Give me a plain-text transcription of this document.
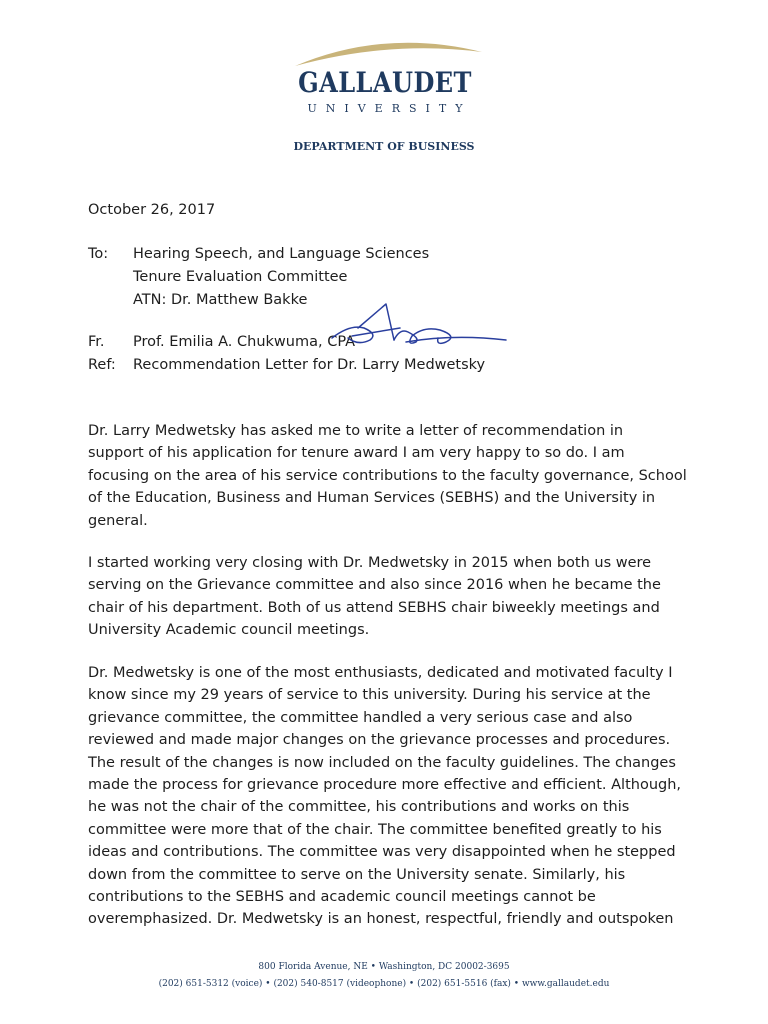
GALLAUDET
UNIVERSITY
DEPARTMENT OF BUSINESS
October 26, 2017
To: Hearing Speech, and Language Sciences
Tenure Evaluation Committee
ATN: Dr. Matthew Bakke
Fr. Prof. Emilia A. Chukwuma, CPA
Ref: Recommendation Letter for Dr. Larry Medwetsky
Dr. Larry Medwetsky has asked me to write a letter of recommendation in
support of his application for tenure award I am very happy to so do. I am
focusing on the area of his service contributions to the faculty governance, School
of the Education, Business and Human Services (SEBHS) and the University in
general.
I started working very closing with Dr. Medwetsky in 2015 when both us were
serving on the Grievance committee and also since 2016 when he became the
chair of his department. Both of us attend SEBHS chair biweekly meetings and
University Academic council meetings.
Dr. Medwetsky is one of the most enthusiasts, dedicated and motivated faculty I
know since my 29 years of service to this university. During his service at the
grievance committee, the committee handled a very serious case and also
reviewed and made major changes on the grievance processes and procedures.
The result of the changes is now included on the faculty guidelines. The changes
made the process for grievance procedure more effective and efficient. Although,
he was not the chair of the committee, his contributions and works on this
committee were more that of the chair. The committee benefited greatly to his
ideas and contributions. The committee was very disappointed when he stepped
down from the committee to serve on the University senate. Similarly, his
contributions to the SEBHS and academic council meetings cannot be
overemphasized. Dr. Medwetsky is an honest, respectful, friendly and outspoken
800 Florida Avenue, NE • Washington, DC 20002-3695
(202) 651-5312 (voice) • (202) 540-8517 (videophone) • (202) 651-5516 (fax) • www.gallaudet.edu
